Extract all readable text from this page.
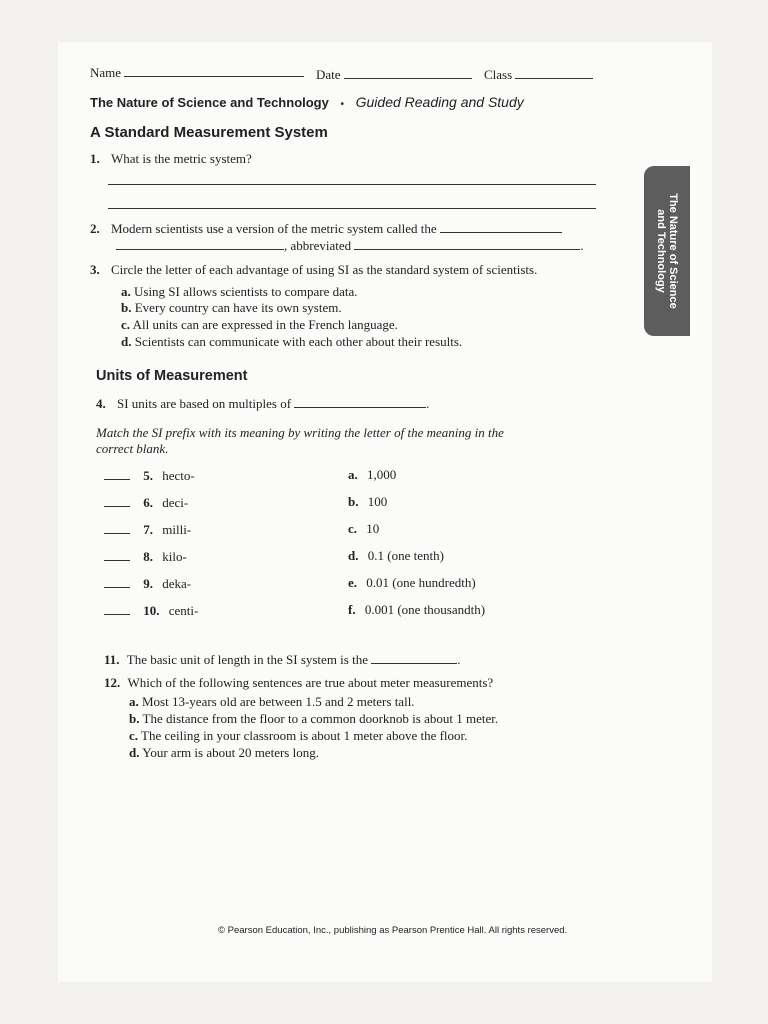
Name	Date	Class
The Nature of Science and Technology • Guided Reading and Study
A Standard Measurement System
1. What is the metric system?
2. Modern scientists use a version of the metric system called the
, abbreviated	.
3. Circle the letter of each advantage of using SI as the standard system of scientists.
a. Using SI allows scientists to compare data.
b. Every country can have its own system.
c. All units can are expressed in the French language.
d. Scientists can communicate with each other about their results.
The Nature of Science
and Technology
Units of Measurement
4. SI units are based on multiples of	.
Match the SI prefix with its meaning by writing the letter of the meaning in the
correct blank.
5. hecto-	a. 1,000
6. deci-	b. 100
7. milli-	c. 10
8. kilo-	d. 0.1 (one tenth)
9. deka-	e. 0.01 (one hundredth)
10. centi-	f. 0.001 (one thousandth)
11. The basic unit of length in the SI system is the	.
12. Which of the following sentences are true about meter measurements?
a. Most 13-years old are between 1.5 and 2 meters tall.
b. The distance from the floor to a common doorknob is about 1 meter.
c. The ceiling in your classroom is about 1 meter above the floor.
d. Your arm is about 20 meters long.
© Pearson Education, Inc., publishing as Pearson Prentice Hall. All rights reserved.
